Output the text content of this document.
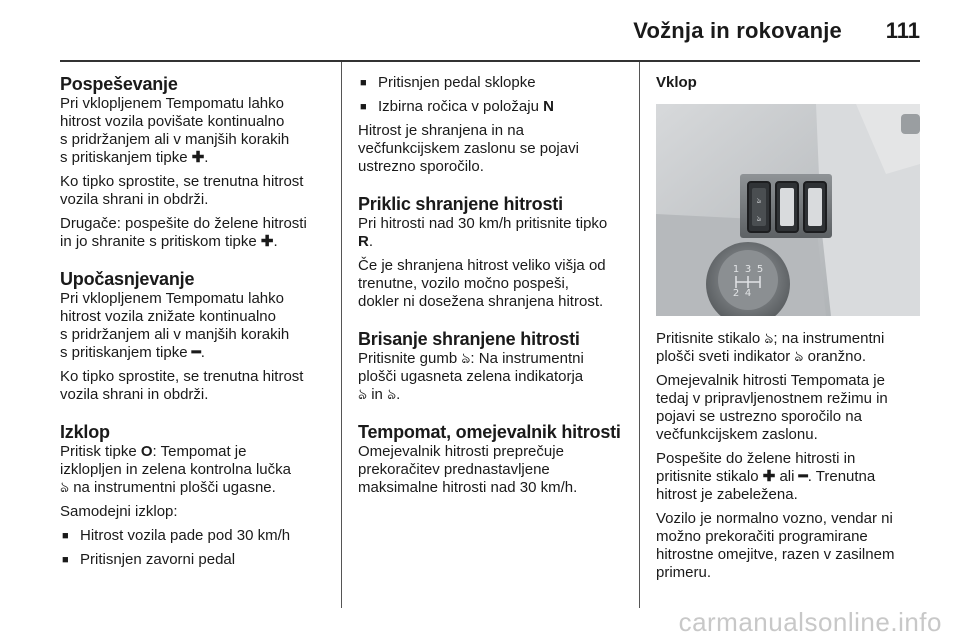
Vožnja in rokovanje 111
Pospeševanje

Pri vklopljenem Tempomatu lahko
hitrost vozila povišate kontinualno
s pridržanjem ali v manjših korakih
s pritiskanjem tipke ✚.

Ko tipko sprostite, se trenutna hitrost
vozila shrani in obdrži.

Drugače: pospešite do želene hitrosti
in jo shranite s pritiskom tipke ✚.

Upočasnjevanje

Pri vklopljenem Tempomatu lahko
hitrost vozila znižate kontinualno
s pridržanjem ali v manjših korakih
s pritiskanjem tipke ━.

Ko tipko sprostite, se trenutna hitrost
vozila shrani in obdrži.

Izklop

Pritisk tipke O: Tempomat je
izklopljen in zelena kontrolna lučka
ঌ na instrumentni plošči ugasne.

Samodejni izklop:

■ Hitrost vozila pade pod 30 km/h
■ Pritisnjen zavorni pedal
■ Pritisnjen pedal sklopke
■ Izbirna ročica v položaju N

Hitrost je shranjena in na
večfunkcijskem zaslonu se pojavi
ustrezno sporočilo.

Priklic shranjene hitrosti

Pri hitrosti nad 30 km/h pritisnite tipko
R.

Če je shranjena hitrost veliko višja od
trenutne, vozilo močno pospeši,
dokler ni dosežena shranjena hitrost.

Brisanje shranjene hitrosti

Pritisnite gumb ঌ: Na instrumentni
plošči ugasneta zelena indikatorja
ঌ in ঌ.

Tempomat, omejevalnik hitrosti

Omejevalnik hitrosti preprečuje
prekoračitev prednastavljene
maksimalne hitrosti nad 30 km/h.

Vklop
ঌ
ঌ
1 3 5
2 4

Pritisnite stikalo ঌ; na instrumentni
plošči sveti indikator ঌ oranžno.

Omejevalnik hitrosti Tempomata je
tedaj v pripravljenostnem režimu in
pojavi se ustrezno sporočilo na
večfunkcijskem zaslonu.

Pospešite do želene hitrosti in
pritisnite stikalo ✚ ali ━. Trenutna
hitrost je zabeležena.

Vozilo je normalno vozno, vendar ni
možno prekoračiti programirane
hitrostne omejitve, razen v zasilnem
primeru.

carmanualsonline.info
